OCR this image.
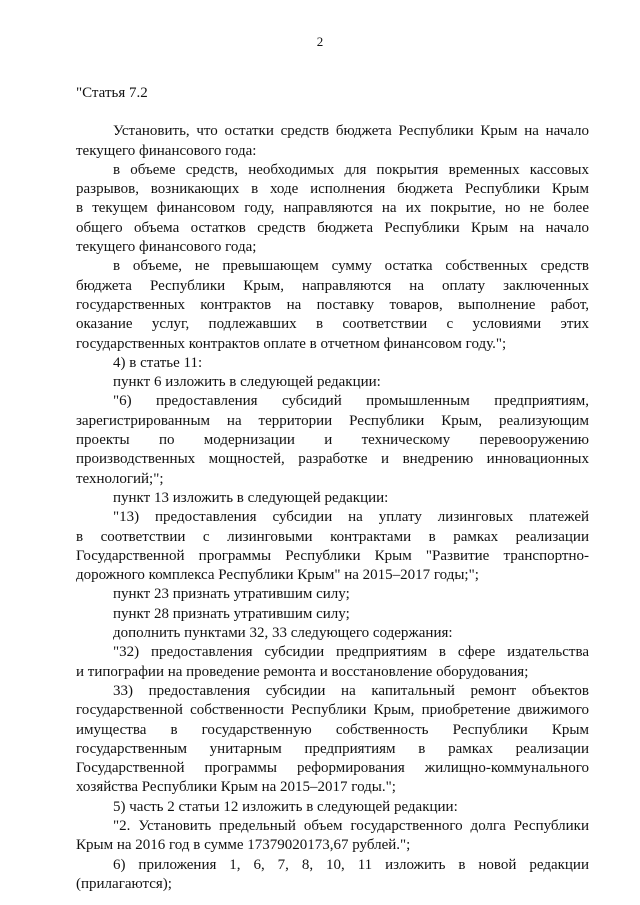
2
"Статья 7.2
Установить, что остатки средств бюджета Республики Крым на начало
текущего финансового года:
в объеме средств, необходимых для покрытия временных кассовых
разрывов, возникающих в ходе исполнения бюджета Республики Крым
в текущем финансовом году, направляются на их покрытие, но не более
общего объема остатков средств бюджета Республики Крым на начало
текущего финансового года;
в объеме, не превышающем сумму остатка собственных средств
бюджета Республики Крым, направляются на оплату заключенных
государственных контрактов на поставку товаров, выполнение работ,
оказание услуг, подлежавших в соответствии с условиями этих
государственных контрактов оплате в отчетном финансовом году.";
4) в статье 11:
пункт 6 изложить в следующей редакции:
"6) предоставления субсидий промышленным предприятиям,
зарегистрированным на территории Республики Крым, реализующим
проекты по модернизации и техническому перевооружению
производственных мощностей, разработке и внедрению инновационных
технологий;";
пункт 13 изложить в следующей редакции:
"13) предоставления субсидии на уплату лизинговых платежей
в соответствии с лизинговыми контрактами в рамках реализации
Государственной программы Республики Крым "Развитие транспортно-
дорожного комплекса Республики Крым" на 2015–2017 годы;";
пункт 23 признать утратившим силу;
пункт 28 признать утратившим силу;
дополнить пунктами 32, 33 следующего содержания:
"32) предоставления субсидии предприятиям в сфере издательства
и типографии на проведение ремонта и восстановление оборудования;
33) предоставления субсидии на капитальный ремонт объектов
государственной собственности Республики Крым, приобретение движимого
имущества в государственную собственность Республики Крым
государственным унитарным предприятиям в рамках реализации
Государственной программы реформирования жилищно-коммунального
хозяйства Республики Крым на 2015–2017 годы.";
5) часть 2 статьи 12 изложить в следующей редакции:
"2. Установить предельный объем государственного долга Республики
Крым на 2016 год в сумме 17379020173,67 рублей.";
6) приложения 1, 6, 7, 8, 10, 11 изложить в новой редакции
(прилагаются);
